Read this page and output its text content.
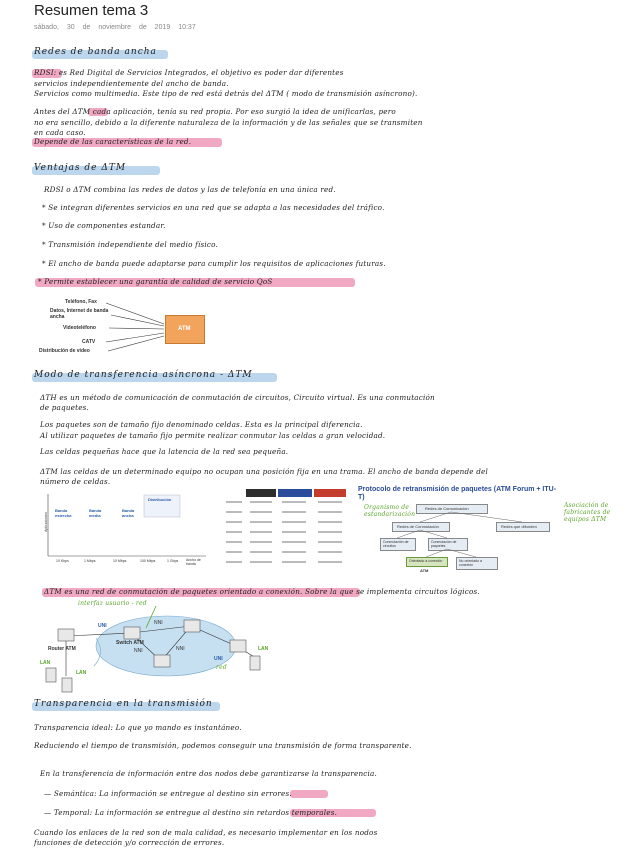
Resumen tema 3
sábado, 30 de noviembre de 2019 10:37
Redes de banda ancha
RDSI: es Red Digital de Servicios Integrados, el objetivo es poder dar diferentes
servicios independientemente del ancho de banda.
Servicios como multimedia. Este tipo de red está detrás del ΔTM ( modo de transmisión asíncrono).
Antes del ΔTM cada aplicación, tenía su red propia. Por eso surgió la idea de unificarlas, pero
no era sencillo, debido a la diferente naturaleza de la información y de las señales que se transmiten
en cada caso.
Depende de las características de la red.
Ventajas de ΔTM
RDSI o ΔTM combina las redes de datos y las de telefonía en una única red.
* Se integran diferentes servicios en una red que se adapta a las necesidades del tráfico.
* Uso de componentes estandar.
* Transmisión independiente del medio físico.
* El ancho de banda puede adaptarse para cumplir los requisitos de aplicaciones futuras.
* Permite establecer una garantía de calidad de servicio QoS
Teléfono, Fax
Datos, Internet de banda ancha
Videoteléfono
CATV
Distribución de video
ATM
Modo de transferencia asíncrona - ΔTM
ΔTH es un método de comunicación de conmutación de circuitos, Circuito virtual. Es una conmutación
de paquetes.
Los paquetes son de tamaño fijo denominado celdas. Esta es la principal diferencia.
Al utilizar paquetes de tamaño fijo permite realizar conmutar las celdas a gran velocidad.
Las celdas pequeñas hace que la latencia de la red sea pequeña.
ΔTM las celdas de un determinado equipo no ocupan una posición fija en una trama. El ancho de banda depende del
número de celdas.
Aplicaciones
Banda estrecha
Banda media
Banda ancha
Distribución
10 Kbps	1 Mbps	10 Mbps	100 Mbps	1 Gbps Ancho de banda
Protocolo de retransmisión de paquetes (ATM Forum + ITU-T)
Organismo de estandarización
Asociación de fabricantes de equipos ΔTM
Redes de Comunicación
Redes de Conmutación	Redes que difunden
Conmutación de circuitos
Conmutación de paquetes
Orientado a conexión	No orientado a conexión
ATM
ΔTM es una red de conmutación de paquetes orientado a conexión. Sobre la que se implementa circuitos lógicos.
interfaz usuario - red
UNI	NNI
NNI	NNI
UNI
LAN
LAN
LAN
Router ATM
Switch ATM
red
Transparencia en la transmisión
Transparencia ideal: Lo que yo mando es instantáneo.
Reduciendo el tiempo de transmisión, podemos conseguir una transmisión de forma transparente.
En la transferencia de información entre dos nodos debe garantizarse la transparencia.
— Semántica: La información se entregue al destino sin errores.
— Temporal: La información se entregue al destino sin retardos temporales.
Cuando los enlaces de la red son de mala calidad, es necesario implementar en los nodos
funciones de detección y/o corrección de errores.
